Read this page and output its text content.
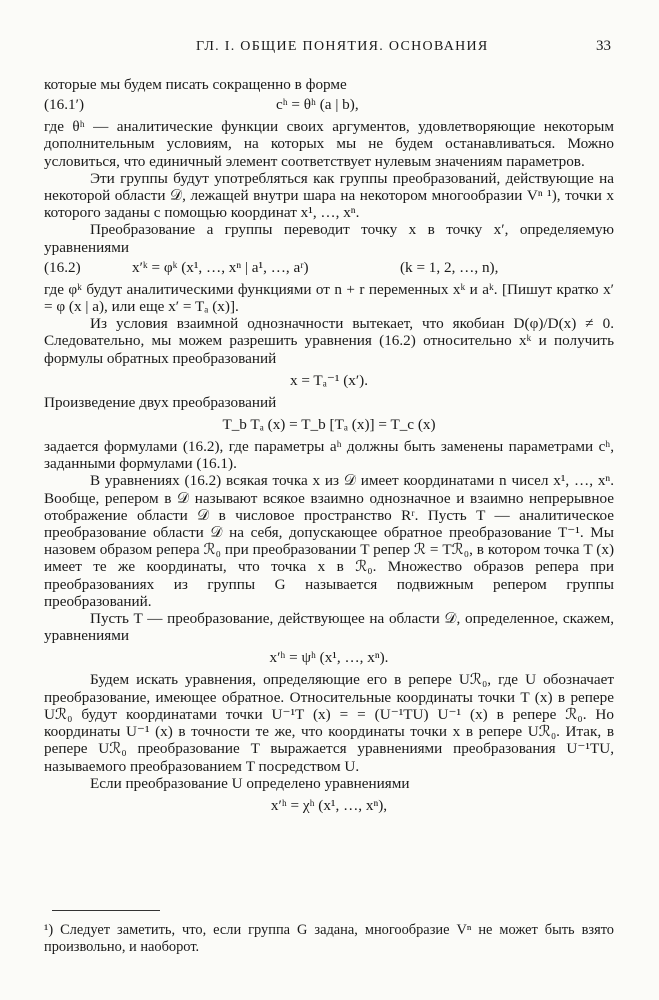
ГЛ. I. ОБЩИЕ ПОНЯТИЯ. ОСНОВАНИЯ	33

которые мы будем писать сокращенно в форме

(16.1′)	cʰ = θʰ (a | b),

где θʰ — аналитические функции своих аргументов, удовлетворяющие некоторым дополнительным условиям, на которых мы не будем останавливаться. Можно условиться, что единичный элемент соответствует нулевым значениям параметров.

Эти группы будут употребляться как группы преобразований, действующие на некоторой области 𝒟, лежащей внутри шара на некотором многообразии Vⁿ ¹), точки x которого заданы с помощью координат x¹, …, xⁿ.

Преобразование a группы переводит точку x в точку x′, определяемую уравнениями

(16.2)	x′ᵏ = φᵏ (x¹, …, xⁿ | a¹, …, aʳ)	(k = 1, 2, …, n),

где φᵏ будут аналитическими функциями от n + r переменных xᵏ и aᵏ. [Пишут кратко x′ = φ (x | a), или еще x′ = Tₐ (x)].

Из условия взаимной однозначности вытекает, что якобиан D(φ)/D(x) ≠ 0. Следовательно, мы можем разрешить уравнения (16.2) относительно xᵏ и получить формулы обратных преобразований

x = Tₐ⁻¹ (x′).

Произведение двух преобразований

T_b Tₐ (x) = T_b [Tₐ (x)] = T_c (x)

задается формулами (16.2), где параметры aʰ должны быть заменены параметрами cʰ, заданными формулами (16.1).

В уравнениях (16.2) всякая точка x из 𝒟 имеет координатами n чисел x¹, …, xⁿ. Вообще, репером в 𝒟 называют всякое взаимно однозначное и взаимно непрерывное отображение области 𝒟 в числовое пространство Rʳ. Пусть T — аналитическое преобразование области 𝒟 на себя, допускающее обратное преобразование T⁻¹. Мы назовем образом репера ℛ₀ при преобразовании T репер ℛ = Tℛ₀, в котором точка T (x) имеет те же координаты, что точка x в ℛ₀. Множество образов репера при преобразованиях из группы G называется подвижным репером группы преобразований.

Пусть T — преобразование, действующее на области 𝒟, определенное, скажем, уравнениями

x′ʰ = ψʰ (x¹, …, xⁿ).

Будем искать уравнения, определяющие его в репере Uℛ₀, где U обозначает преобразование, имеющее обратное. Относительные координаты точки T (x) в репере Uℛ₀ будут координатами точки U⁻¹T (x) = = (U⁻¹TU) U⁻¹ (x) в репере ℛ₀. Но координаты U⁻¹ (x) в точности те же, что координаты точки x в репере Uℛ₀. Итак, в репере Uℛ₀ преобразование T выражается уравнениями преобразования U⁻¹TU, называемого преобразованием T посредством U.

Если преобразование U определено уравнениями

x′ʰ = χʰ (x¹, …, xⁿ),

¹) Следует заметить, что, если группа G задана, многообразие Vⁿ не может быть взято произвольно, и наоборот.
